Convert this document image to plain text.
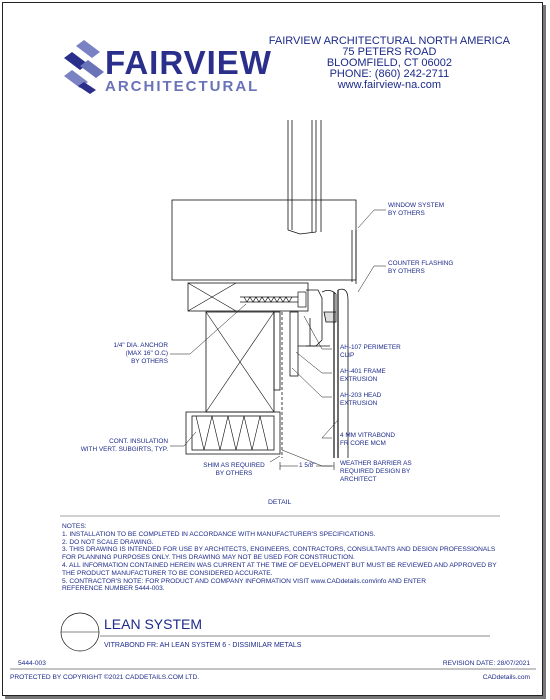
FAIRVIEW
ARCHITECTURAL
FAIRVIEW ARCHITECTURAL NORTH AMERICA
75 PETERS ROAD
BLOOMFIELD, CT 06002
PHONE: (860) 242-2711
www.fairview-na.com
WINDOW SYSTEM
BY OTHERS
COUNTER FLASHING
BY OTHERS
1/4" DIA. ANCHOR
(MAX 16" O.C)
BY OTHERS
AH-107 PERIMETER
CLIP
AH-401 FRAME
EXTRUSION
AH-203 HEAD
EXTRUSION
CONT. INSULATION
WITH VERT. SUBGIRTS, TYP.
4 MM VITRABOND
FR CORE MCM
SHIM AS REQUIRED
BY OTHERS
1 5/8"	WEATHER BARRIER AS
REQUIRED DESIGN BY
ARCHITECT
DETAIL
NOTES:
1. INSTALLATION TO BE COMPLETED IN ACCORDANCE WITH MANUFACTURER'S SPECIFICATIONS.
2. DO NOT SCALE DRAWING.
3. THIS DRAWING IS INTENDED FOR USE BY ARCHITECTS, ENGINEERS, CONTRACTORS, CONSULTANTS AND DESIGN PROFESSIONALS
FOR PLANNING PURPOSES ONLY. THIS DRAWING MAY NOT BE USED FOR CONSTRUCTION.
4. ALL INFORMATION CONTAINED HEREIN WAS CURRENT AT THE TIME OF DEVELOPMENT BUT MUST BE REVIEWED AND APPROVED BY
THE PRODUCT MANUFACTURER TO BE CONSIDERED ACCURATE.
5. CONTRACTOR'S NOTE: FOR PRODUCT AND COMPANY INFORMATION VISIT www.CADdetails.com/info AND ENTER
REFERENCE NUMBER 5444-003.
LEAN SYSTEM
VITRABOND FR: AH LEAN SYSTEM 6 - DISSIMILAR METALS
5444-003	REVISION DATE: 28/07/2021
PROTECTED BY COPYRIGHT ©2021 CADDETAILS.COM LTD.	CADdetails.com
